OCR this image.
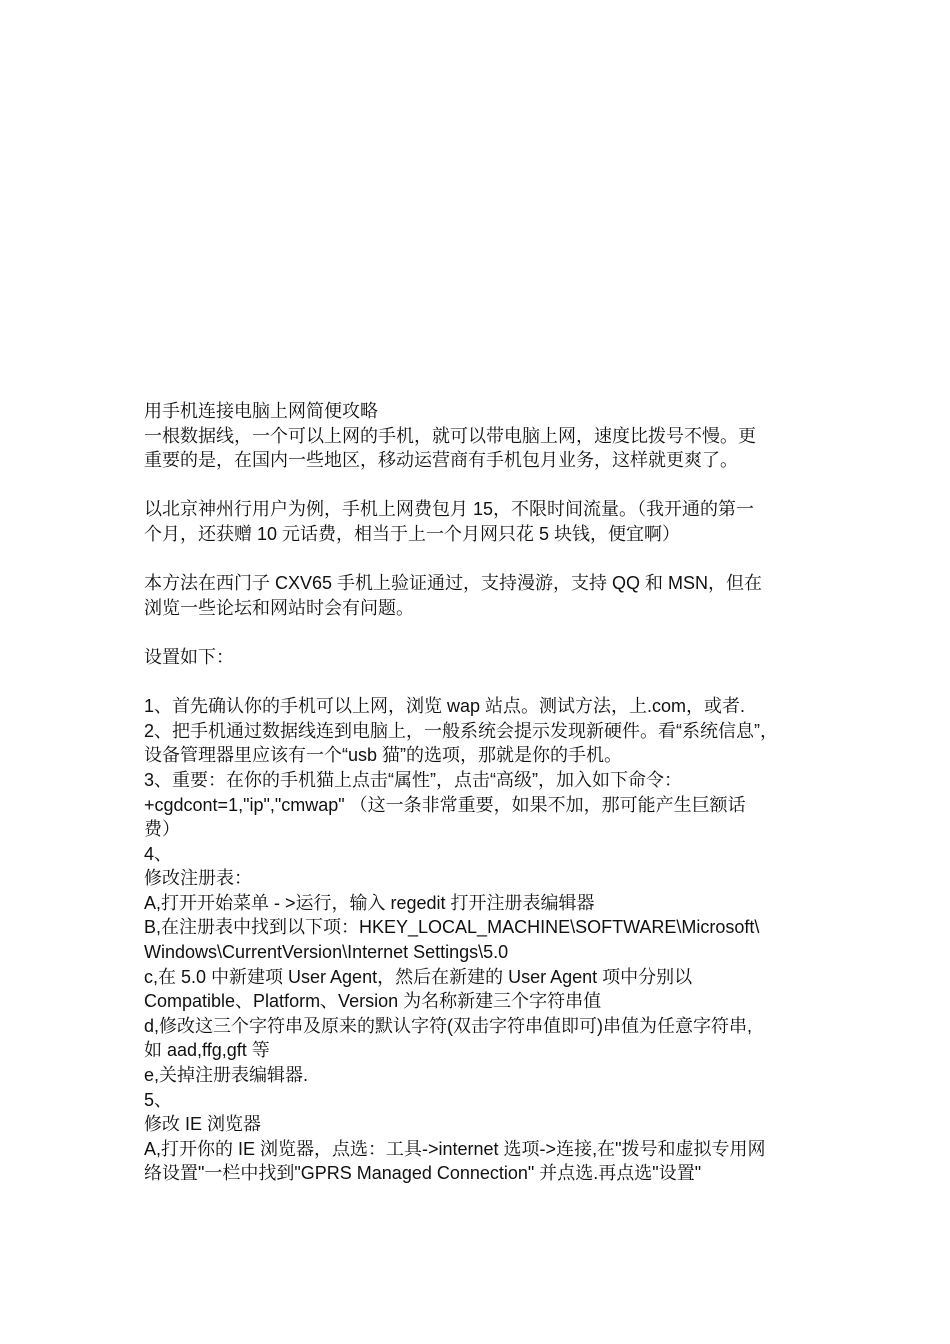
用手机连接电脑上网简便攻略

一根数据线，一个可以上网的手机，就可以带电脑上网，速度比拨号不慢。更

重要的是，在国内一些地区，移动运营商有手机包月业务，这样就更爽了。

以北京神州行用户为例，手机上网费包月 15，不限时间流量。（我开通的第一

个月，还获赠 10 元话费，相当于上一个月网只花 5 块钱，便宜啊）

本方法在西门子 CXV65 手机上验证通过，支持漫游，支持 QQ 和 MSN，但在

浏览一些论坛和网站时会有问题。

设置如下：

1、首先确认你的手机可以上网，浏览 wap 站点。测试方法，上.com，或者.

2、把手机通过数据线连到电脑上，一般系统会提示发现新硬件。看“系统信息”，

设备管理器里应该有一个“usb 猫”的选项，那就是你的手机。

3、重要：在你的手机猫上点击“属性”，点击“高级”，加入如下命令：

+cgdcont=1,"ip","cmwap" （这一条非常重要，如果不加，那可能产生巨额话

费）

4、

修改注册表：

A,打开开始菜单 - >运行，输入 regedit 打开注册表编辑器

B,在注册表中找到以下项：HKEY_LOCAL_MACHINE\SOFTWARE\Microsoft\

Windows\CurrentVersion\Internet Settings\5.0

c,在 5.0 中新建项 User Agent，然后在新建的 User Agent 项中分别以

Compatible、Platform、Version 为名称新建三个字符串值

d,修改这三个字符串及原来的默认字符(双击字符串值即可)串值为任意字符串,

如 aad,ffg,gft 等

e,关掉注册表编辑器.

5、

修改 IE 浏览器

A,打开你的 IE 浏览器，点选：工具->internet 选项->连接,在"拨号和虚拟专用网

络设置"一栏中找到"GPRS Managed Connection" 并点选.再点选"设置"
